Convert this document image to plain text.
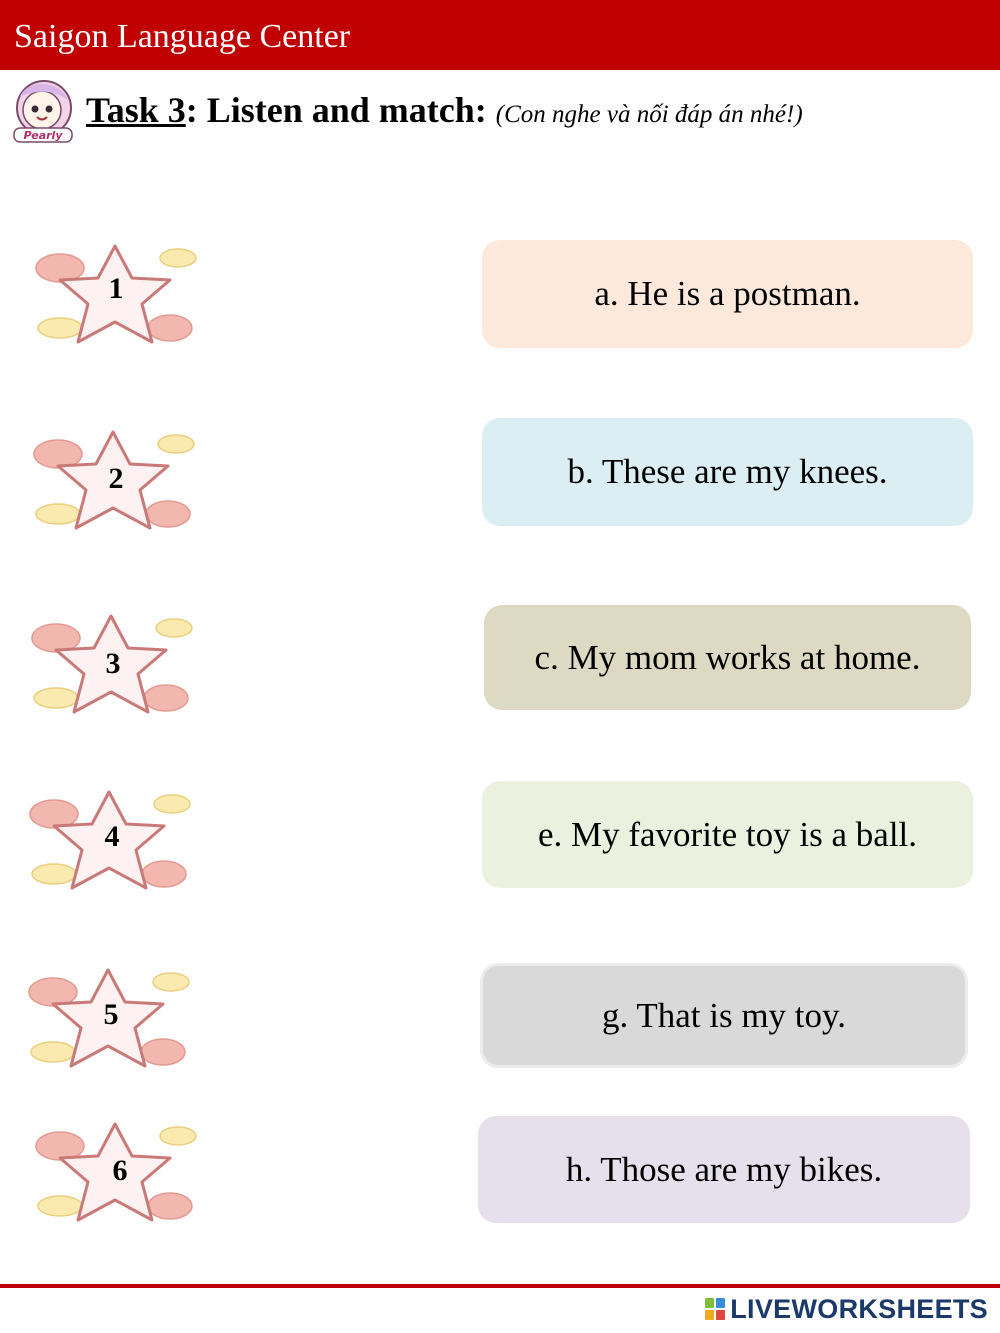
Saigon Language Center
Pearly
Task 3: Listen and match: (Con nghe và nối đáp án nhé!)
1
2
3
4
5
6
a. He is a postman.
b. These are my knees.
c. My mom works at home.
e. My favorite toy is a ball.
g. That is my toy.
h. Those are my bikes.
LIVEWORKSHEETS
